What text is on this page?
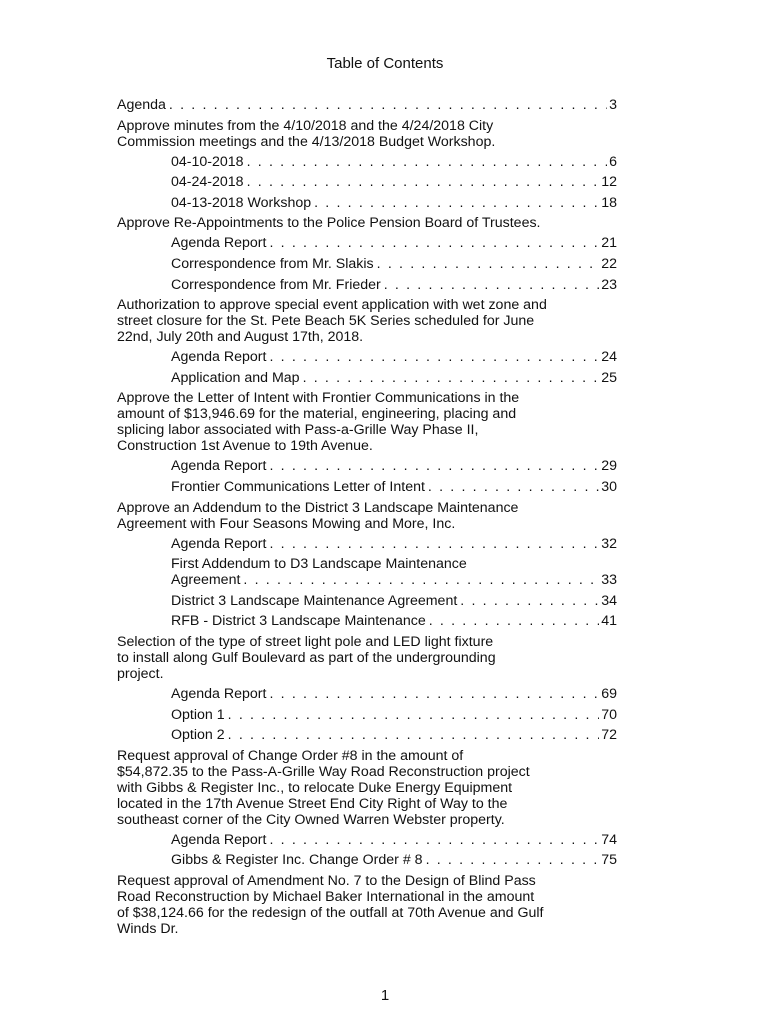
Table of Contents
Agenda . . .	3
Approve minutes from the 4/10/2018 and the 4/24/2018 City Commission meetings and the 4/13/2018 Budget Workshop.
04-10-2018 . . .	6
04-24-2018 . . .	12
04-13-2018 Workshop . . .	18
Approve Re-Appointments to the Police Pension Board of Trustees.
Agenda Report . . .	21
Correspondence from Mr. Slakis . . .	22
Correspondence from Mr. Frieder . . .	23
Authorization to approve special event application with wet zone and street closure for the St. Pete Beach 5K Series scheduled for June 22nd, July 20th and August 17th, 2018.
Agenda Report . . .	24
Application and Map . . .	25
Approve the Letter of Intent with Frontier Communications in the amount of $13,946.69 for the material, engineering, placing and splicing labor associated with Pass-a-Grille Way Phase II, Construction 1st Avenue to 19th Avenue.
Agenda Report . . .	29
Frontier Communications Letter of Intent . . .	30
Approve an Addendum to the District 3 Landscape Maintenance Agreement with Four Seasons Mowing and More, Inc.
Agenda Report . . .	32
First Addendum to D3 Landscape Maintenance
Agreement . . .	33
District 3 Landscape Maintenance Agreement . . .	34
RFB - District 3 Landscape Maintenance . . .	41
Selection of the type of street light pole and LED light fixture to install along Gulf Boulevard as part of the undergrounding project.
Agenda Report . . .	69
Option 1 . . .	70
Option 2 . . .	72
Request approval of Change Order #8 in the amount of $54,872.35 to the Pass-A-Grille Way Road Reconstruction project with Gibbs & Register Inc., to relocate Duke Energy Equipment located in the 17th Avenue Street End City Right of Way to the southeast corner of the City Owned Warren Webster property.
Agenda Report . . .	74
Gibbs & Register Inc. Change Order # 8 . . .	75
Request approval of Amendment No. 7 to the Design of Blind Pass Road Reconstruction by Michael Baker International in the amount of $38,124.66 for the redesign of the outfall at 70th Avenue and Gulf Winds Dr.
1
